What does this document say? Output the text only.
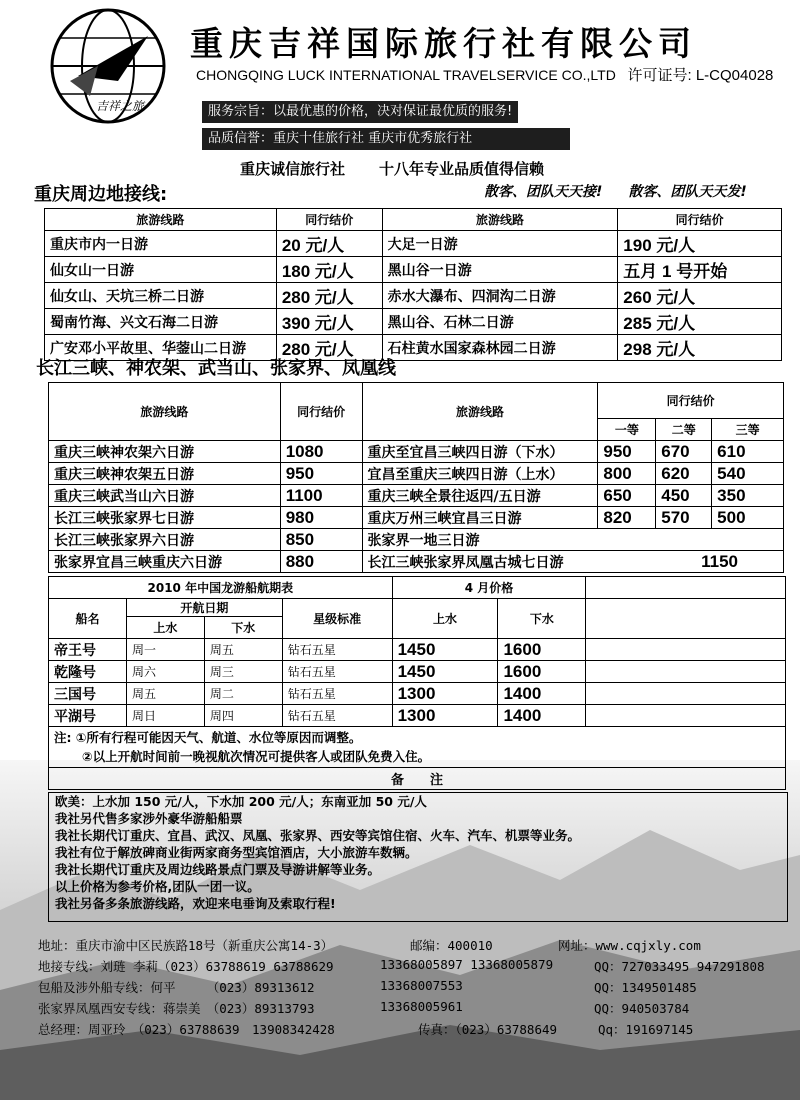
吉祥之旅
重庆吉祥国际旅行社有限公司
CHONGQING LUCK INTERNATIONAL TRAVELSERVICE CO.,LTD 许可证号: L-CQ04028
服务宗旨：以最优惠的价格，决对保证最优质的服务!
品质信誉：重庆十佳旅行社 重庆市优秀旅行社
重庆诚信旅行社 十八年专业品质值得信赖
散客、团队天天接! 散客、团队天天发!
重庆周边地接线:
旅游线路	同行结价	旅游线路	同行结价
重庆市内一日游	20 元/人	大足一日游	190 元/人
仙女山一日游	180 元/人	黑山谷一日游	五月 1 号开始
仙女山、天坑三桥二日游	280 元/人	赤水大瀑布、四洞沟二日游	260 元/人
蜀南竹海、兴文石海二日游	390 元/人	黑山谷、石林二日游	285 元/人
广安邓小平故里、华蓥山二日游	280 元/人	石柱黄水国家森林园二日游	298 元/人
长江三峡、神农架、武当山、张家界、凤凰线
旅游线路	同行结价	旅游线路	同行结价		
			一等	二等	三等
重庆三峡神农架六日游	1080	重庆至宜昌三峡四日游（下水）	950	670	610
重庆三峡神农架五日游	950	宜昌至重庆三峡四日游（上水）	800	620	540
重庆三峡武当山六日游	1100	重庆三峡全景往返四/五日游	650	450	350
长江三峡张家界七日游	980	重庆万州三峡宜昌三日游	820	570	500
长江三峡张家界六日游	850	张家界一地三日游			
张家界宜昌三峡重庆六日游	880	长江三峡张家界凤凰古城七日游 1150			
2010 年中国龙游船航期表				4 月价格		
船名	开航日期		星级标准	上水	下水	
	上水	下水				
帝王号	周一	周五	钻石五星	1450	1600	
乾隆号	周六	周三	钻石五星	1450	1600	
三国号	周五	周二	钻石五星	1300	1400	
平湖号	周日	周四	钻石五星	1300	1400	

注: ①所有行程可能因天气、航道、水位等原因而调整。
②以上开航时间前一晚视航次情况可提供客人或团队免费入住。						

备　　注						
欧美：上水加 150 元/人，下水加 200 元/人；东南亚加 50 元/人
我社另代售多家涉外豪华游船船票
我社长期代订重庆、宜昌、武汉、凤凰、张家界、西安等宾馆住宿、火车、汽车、机票等业务。
我社有位于解放碑商业街两家商务型宾馆酒店，大小旅游车数辆。
我社长期代订重庆及周边线路景点门票及导游讲解等业务。
以上价格为参考价格,团队一团一议。
我社另备多条旅游线路，欢迎来电垂询及索取行程!
地址：重庆市渝中区民族路18号（新重庆公寓14-3）	邮编：400010	网址：www.cqjxly.com
地接专线：刘琏 李莉（023）63788619 63788629	13368005897 13368005879	QQ：727033495 947291808
包船及涉外船专线：何平　　　（023）89313612	13368007553	QQ：1349501485
张家界凤凰西安专线：蒋崇美　（023）89313793	13368005961	QQ：940503784
总经理：周亚玲　（023）63788639　13908342428	传真：（023）63788649	Qq：191697145
